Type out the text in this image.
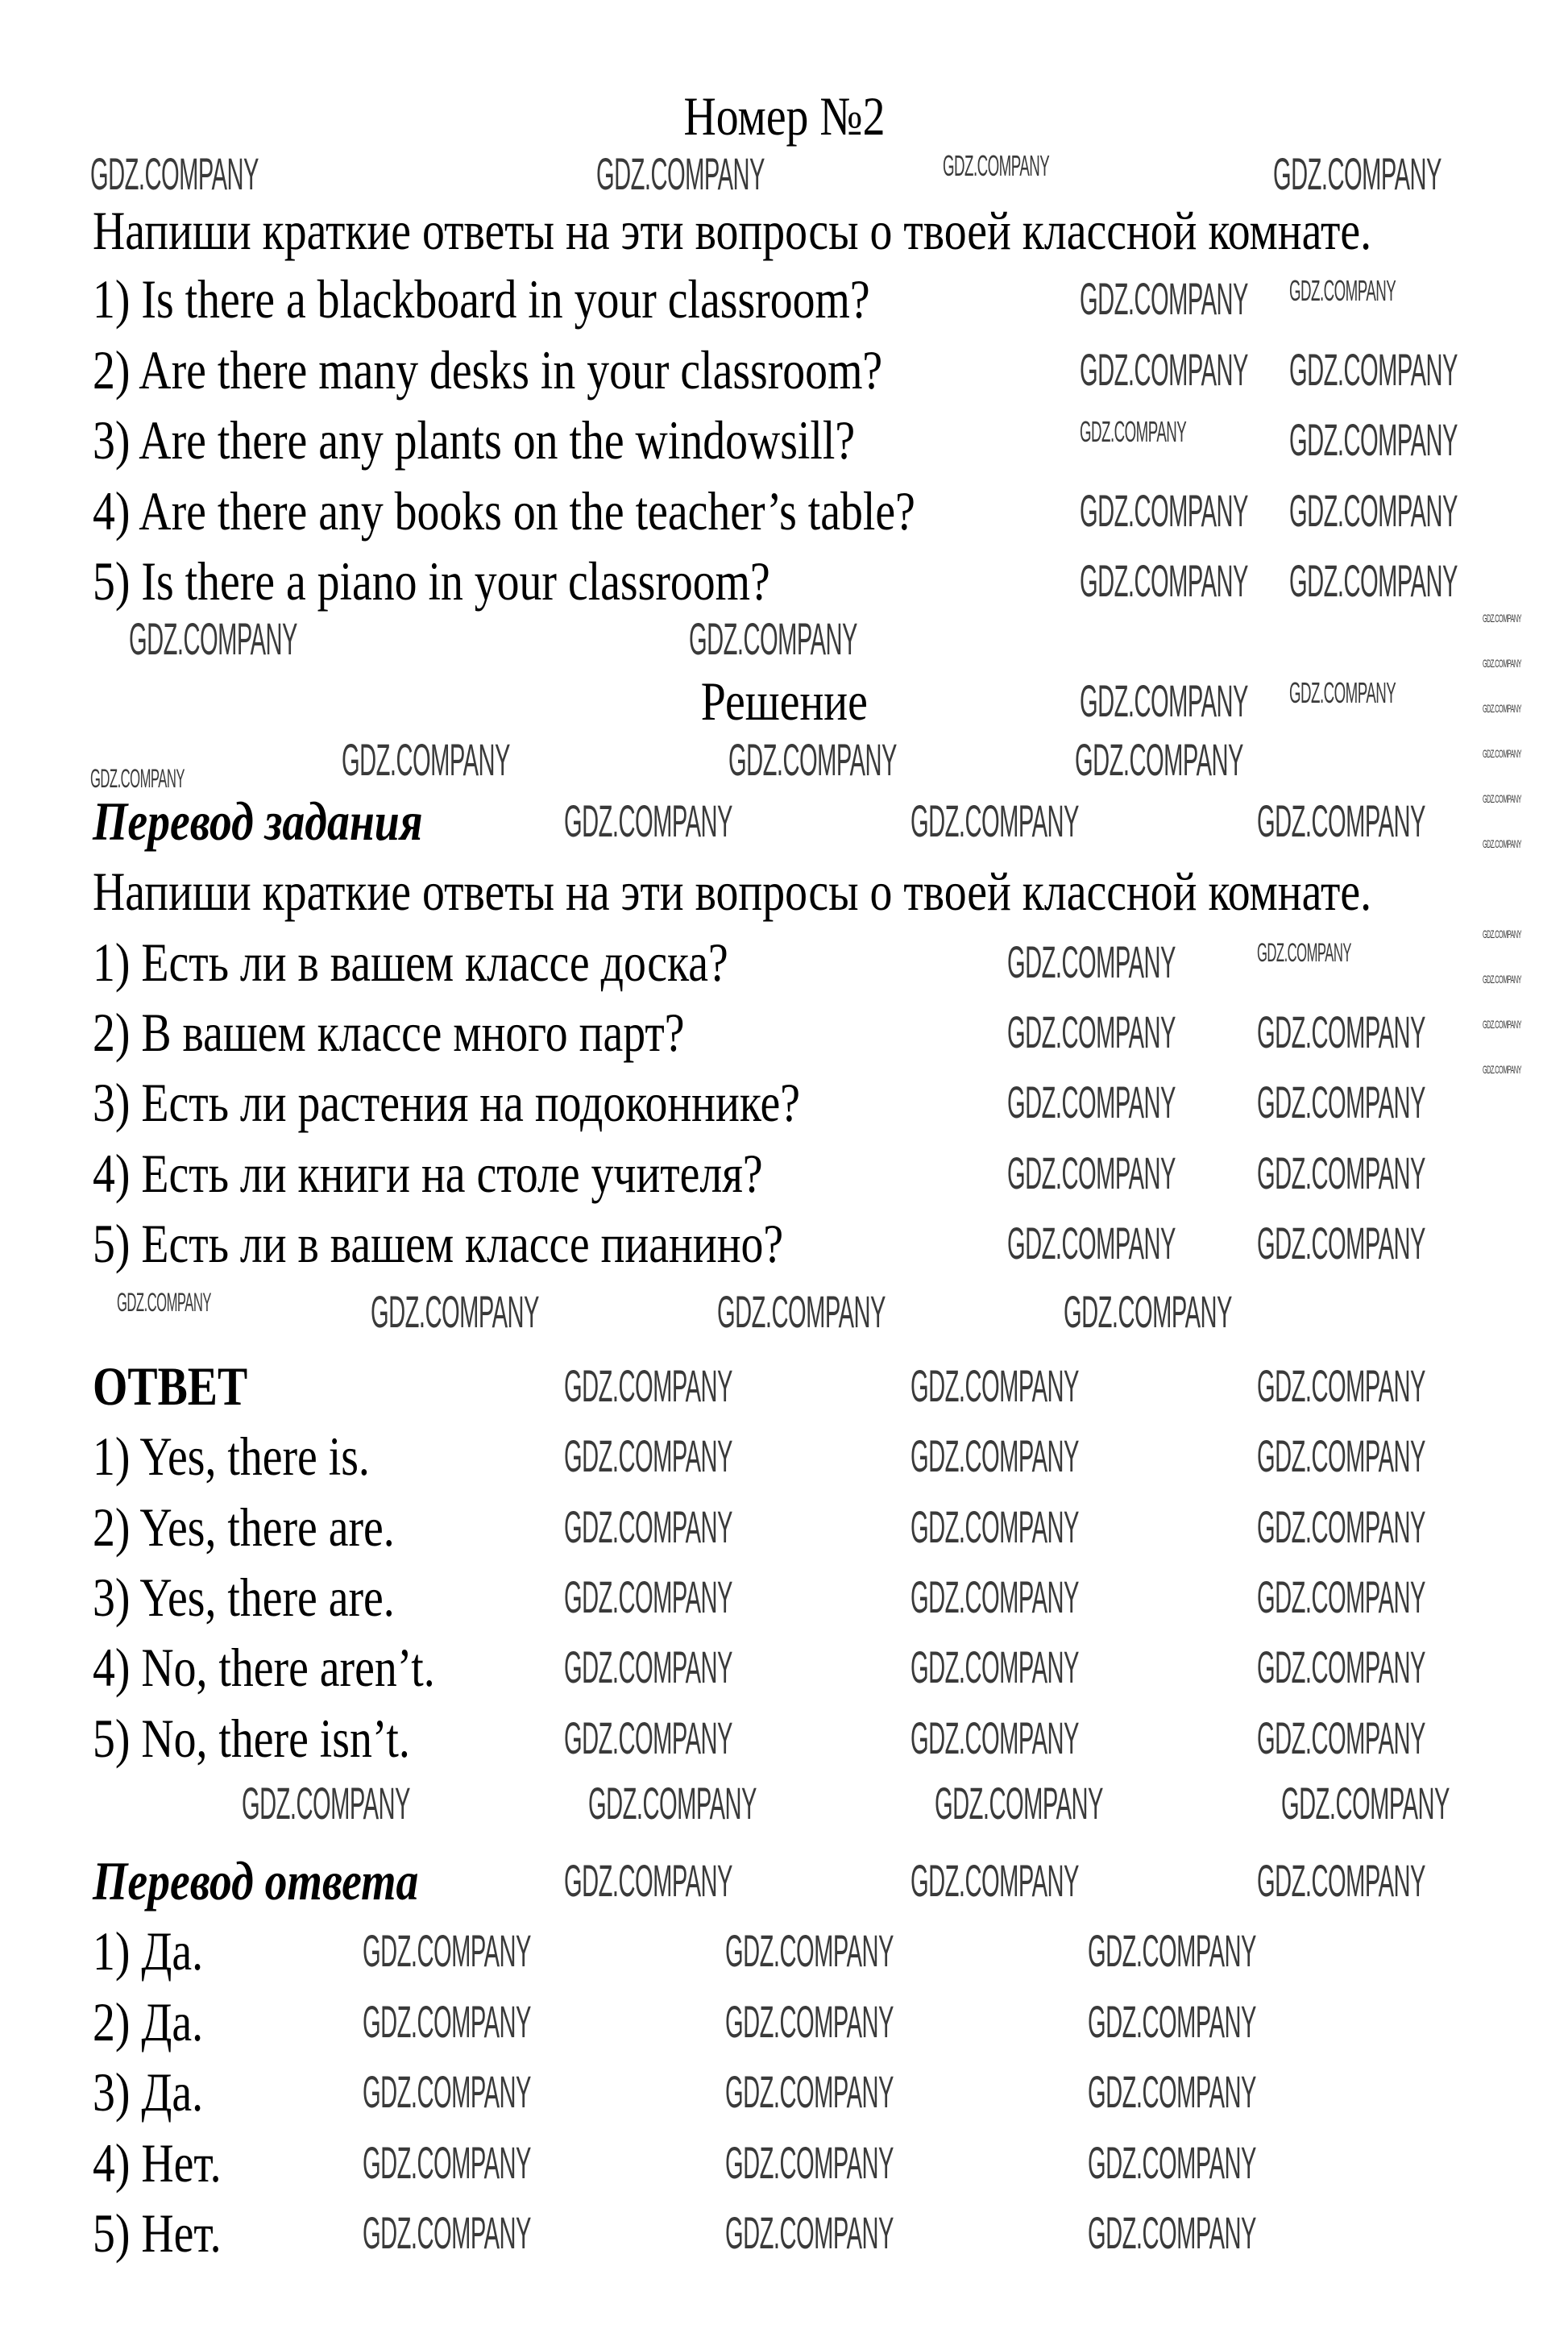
Номер №2
Напиши краткие ответы на эти вопросы о твоей классной комнате.
1) Is there a blackboard in your classroom?
2) Are there many desks in your classroom?
3) Are there any plants on the windowsill?
4) Are there any books on the teacher’s table?
5) Is there a piano in your classroom?
Решение
Перевод задания
Напиши краткие ответы на эти вопросы о твоей классной комнате.
1) Есть ли в вашем классе доска?
2) В вашем классе много парт?
3) Есть ли растения на подоконнике?
4) Есть ли книги на столе учителя?
5) Есть ли в вашем классе пианино?
ОТВЕТ
1) Yes, there is.
2) Yes, there are.
3) Yes, there are.
4) No, there aren’t.
5) No, there isn’t.
Перевод ответа
1) Да.
2) Да.
3) Да.
4) Нет.
5) Нет.
GDZ.COMPANY	GDZ.COMPANY	GDZ.COMPANY	GDZ.COMPANY
GDZ.COMPANY GDZ.COMPANY
GDZ.COMPANY GDZ.COMPANY
GDZ.COMPANY GDZ.COMPANY
GDZ.COMPANY GDZ.COMPANY
GDZ.COMPANY GDZ.COMPANY
GDZ.COMPANY	GDZ.COMPANY
GDZ.COMPANY
GDZ.COMPANY GDZ.COMPANY
GDZ.COMPANY	GDZ.COMPANY	GDZ.COMPANY
GDZ.COMPANY	GDZ.COMPANY	GDZ.COMPANY
GDZ.COMPANY	GDZ.COMPANY
GDZ.COMPANY GDZ.COMPANY
GDZ.COMPANY GDZ.COMPANY
GDZ.COMPANY GDZ.COMPANY
GDZ.COMPANY GDZ.COMPANY
GDZ.COMPANY	GDZ.COMPANY	GDZ.COMPANY	GDZ.COMPANY
GDZ.COMPANY	GDZ.COMPANY	GDZ.COMPANY
GDZ.COMPANY	GDZ.COMPANY	GDZ.COMPANY
GDZ.COMPANY	GDZ.COMPANY	GDZ.COMPANY
GDZ.COMPANY	GDZ.COMPANY	GDZ.COMPANY
GDZ.COMPANY	GDZ.COMPANY	GDZ.COMPANY
GDZ.COMPANY	GDZ.COMPANY	GDZ.COMPANY
GDZ.COMPANY	GDZ.COMPANY	GDZ.COMPANY	GDZ.COMPANY
GDZ.COMPANY	GDZ.COMPANY	GDZ.COMPANY
GDZ.COMPANY	GDZ.COMPANY	GDZ.COMPANY
GDZ.COMPANY	GDZ.COMPANY	GDZ.COMPANY
GDZ.COMPANY	GDZ.COMPANY	GDZ.COMPANY
GDZ.COMPANY	GDZ.COMPANY	GDZ.COMPANY
GDZ.COMPANY	GDZ.COMPANY	GDZ.COMPANY
GDZ.COMPANY
GDZ.COMPANY
GDZ.COMPANY
GDZ.COMPANY
GDZ.COMPANY
GDZ.COMPANY
GDZ.COMPANY
GDZ.COMPANY
GDZ.COMPANY
GDZ.COMPANY
